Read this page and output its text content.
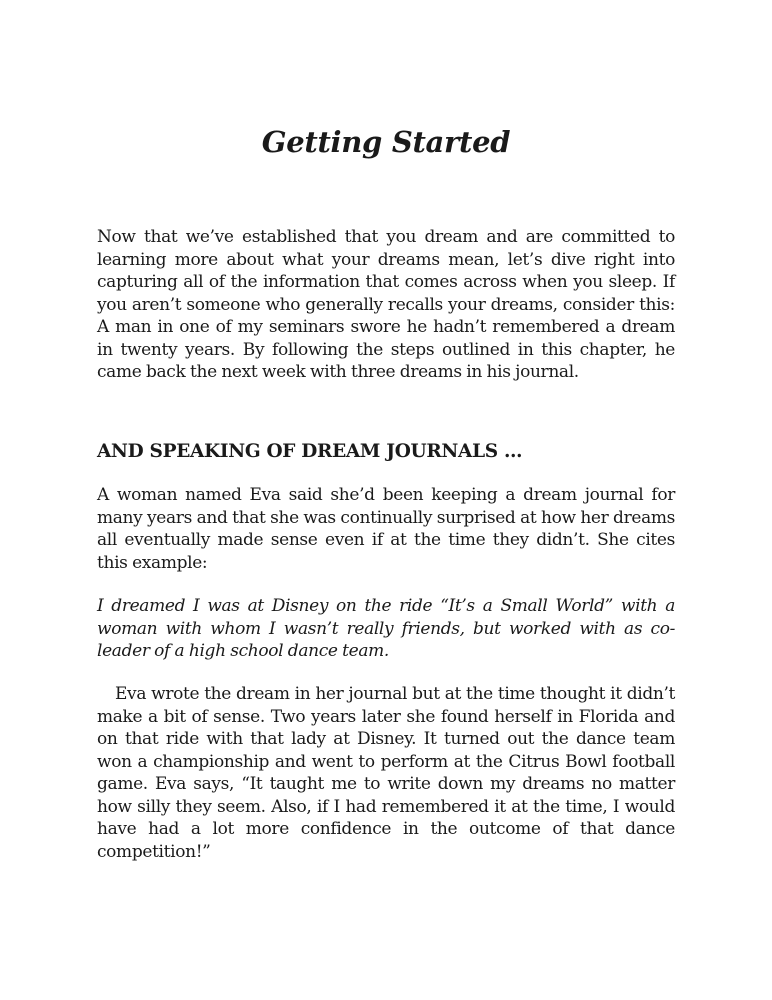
Getting Started

Now that we’ve established that you dream and are committed to learning more about what your dreams mean, let’s dive right into capturing all of the information that comes across when you sleep. If you aren’t someone who generally recalls your dreams, consider this: A man in one of my seminars swore he hadn’t remembered a dream in twenty years. By following the steps outlined in this chapter, he came back the next week with three dreams in his journal.

AND SPEAKING OF DREAM JOURNALS …

A woman named Eva said she’d been keeping a dream journal for many years and that she was continually surprised at how her dreams all eventually made sense even if at the time they didn’t. She cites this example:

I dreamed I was at Disney on the ride “It’s a Small World” with a woman with whom I wasn’t really friends, but worked with as co-leader of a high school dance team.

Eva wrote the dream in her journal but at the time thought it didn’t make a bit of sense. Two years later she found herself in Florida and on that ride with that lady at Disney. It turned out the dance team won a championship and went to perform at the Citrus Bowl football game. Eva says, “It taught me to write down my dreams no matter how silly they seem. Also, if I had remembered it at the time, I would have had a lot more confidence in the outcome of that dance competition!”
